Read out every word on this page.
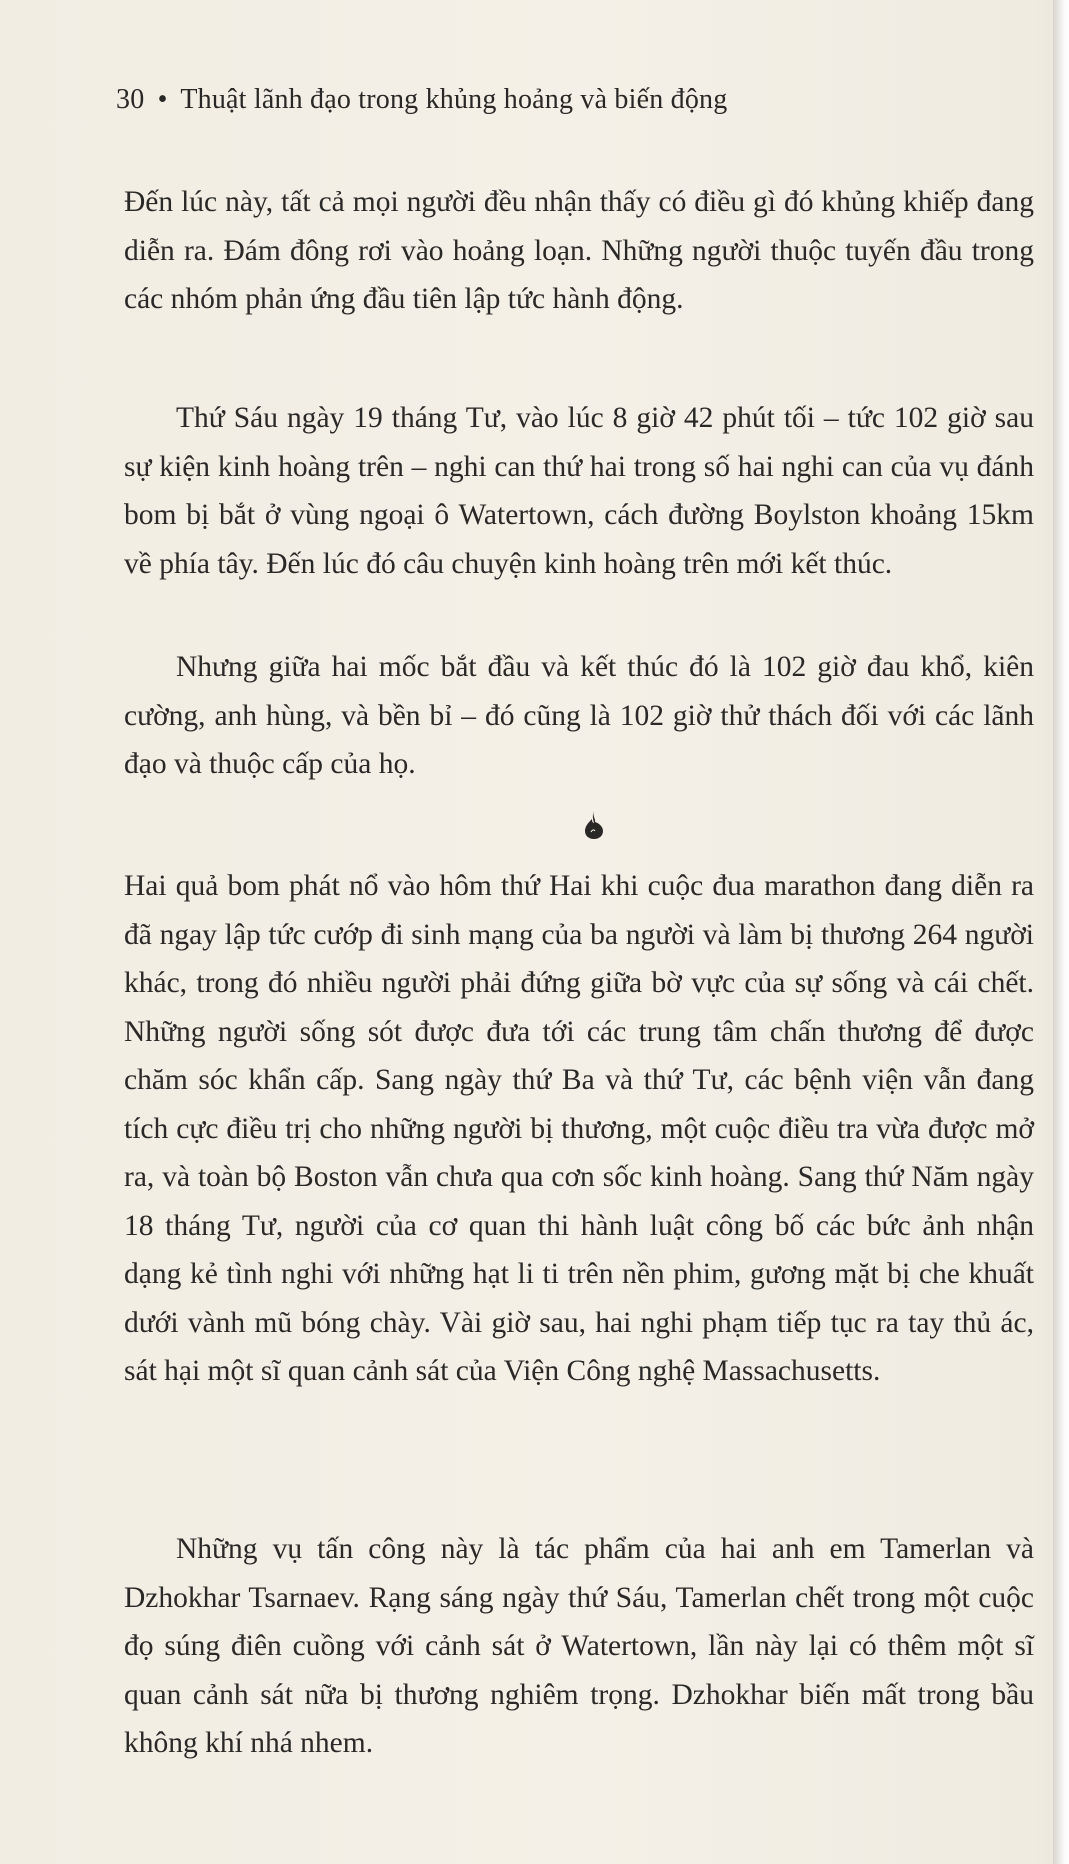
30 • Thuật lãnh đạo trong khủng hoảng và biến động

Đến lúc này, tất cả mọi người đều nhận thấy có điều gì đó khủng khiếp đang diễn ra. Đám đông rơi vào hoảng loạn. Những người thuộc tuyến đầu trong các nhóm phản ứng đầu tiên lập tức hành động.

Thứ Sáu ngày 19 tháng Tư, vào lúc 8 giờ 42 phút tối – tức 102 giờ sau sự kiện kinh hoàng trên – nghi can thứ hai trong số hai nghi can của vụ đánh bom bị bắt ở vùng ngoại ô Watertown, cách đường Boylston khoảng 15km về phía tây. Đến lúc đó câu chuyện kinh hoàng trên mới kết thúc.

Nhưng giữa hai mốc bắt đầu và kết thúc đó là 102 giờ đau khổ, kiên cường, anh hùng, và bền bỉ – đó cũng là 102 giờ thử thách đối với các lãnh đạo và thuộc cấp của họ.

Hai quả bom phát nổ vào hôm thứ Hai khi cuộc đua marathon đang diễn ra đã ngay lập tức cướp đi sinh mạng của ba người và làm bị thương 264 người khác, trong đó nhiều người phải đứng giữa bờ vực của sự sống và cái chết. Những người sống sót được đưa tới các trung tâm chấn thương để được chăm sóc khẩn cấp. Sang ngày thứ Ba và thứ Tư, các bệnh viện vẫn đang tích cực điều trị cho những người bị thương, một cuộc điều tra vừa được mở ra, và toàn bộ Boston vẫn chưa qua cơn sốc kinh hoàng. Sang thứ Năm ngày 18 tháng Tư, người của cơ quan thi hành luật công bố các bức ảnh nhận dạng kẻ tình nghi với những hạt li ti trên nền phim, gương mặt bị che khuất dưới vành mũ bóng chày. Vài giờ sau, hai nghi phạm tiếp tục ra tay thủ ác, sát hại một sĩ quan cảnh sát của Viện Công nghệ Massachusetts.

Những vụ tấn công này là tác phẩm của hai anh em Tamerlan và Dzhokhar Tsarnaev. Rạng sáng ngày thứ Sáu, Tamerlan chết trong một cuộc đọ súng điên cuồng với cảnh sát ở Watertown, lần này lại có thêm một sĩ quan cảnh sát nữa bị thương nghiêm trọng. Dzhokhar biến mất trong bầu không khí nhá nhem.
